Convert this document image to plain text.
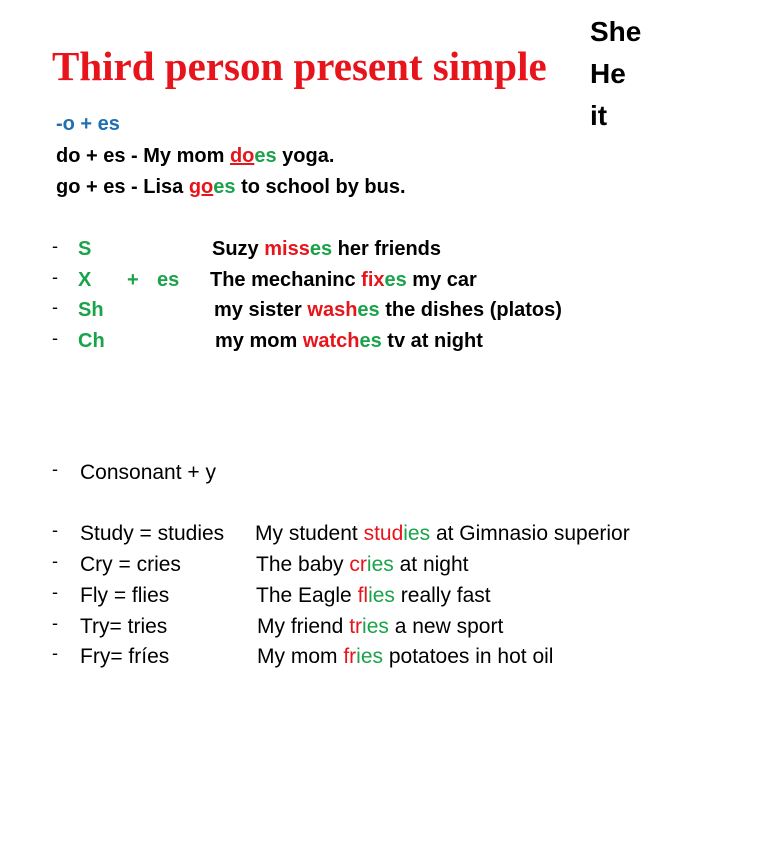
Third person present simple
She
He
it
-o + es
do + es - My mom does yoga.
go + es - Lisa goes to school by bus.
- S	Suzy misses her friends
- X + es The mechaninc fixes my car
- Sh	my sister washes the dishes (platos)
- Ch	my mom watches tv at night
- Consonant + y
- Study = studies My student studies at Gimnasio superior
- Cry = cries	The baby cries at night
- Fly = flies	The Eagle flies really fast
- Try= tries	My friend tries a new sport
- Fry= fríes	My mom fries potatoes in hot oil
